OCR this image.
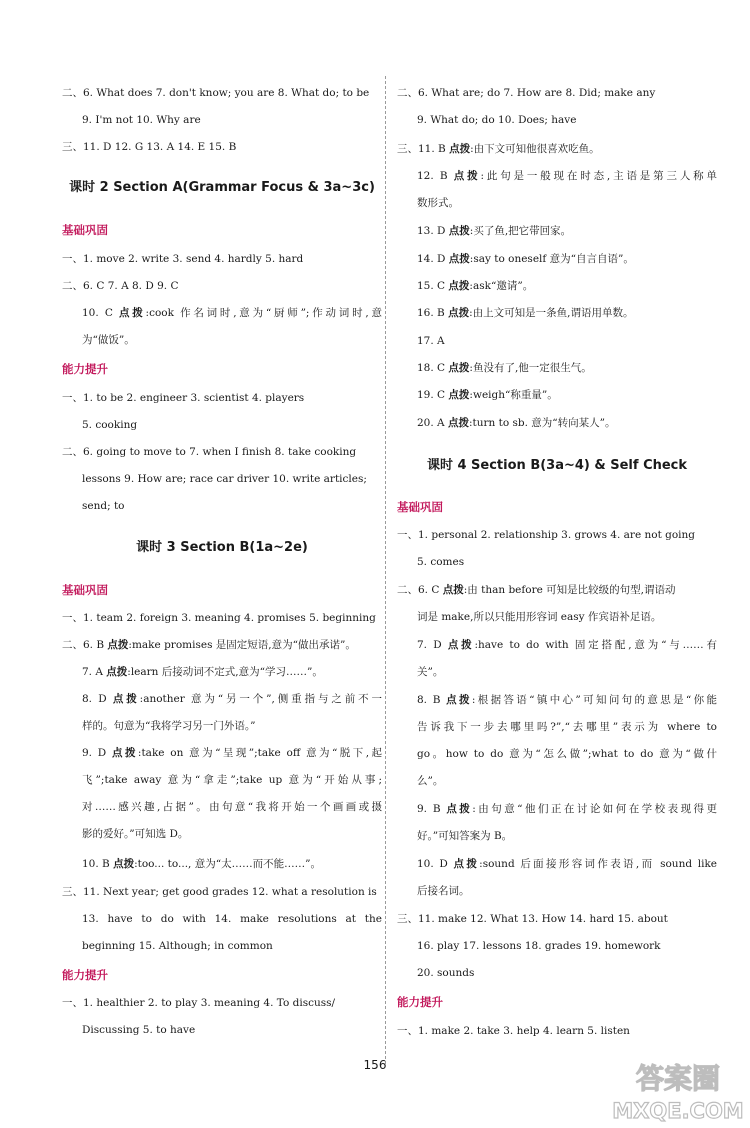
二、6. What does 7. don't know; you are 8. What do; to be
9. I'm not 10. Why are
三、11. D 12. G 13. A 14. E 15. B
课时 2 Section A(Grammar Focus & 3a~3c)
基础巩固
一、1. move 2. write 3. send 4. hardly 5. hard
二、6. C 7. A 8. D 9. C
10. C 点拨:cook 作名词时,意为“厨师”;作动词时,意
为“做饭”。
能力提升
一、1. to be 2. engineer 3. scientist 4. players
5. cooking
二、6. going to move to 7. when I finish 8. take cooking
lessons 9. How are; race car driver 10. write articles;
send; to
课时 3 Section B(1a~2e)
基础巩固
一、1. team 2. foreign 3. meaning 4. promises 5. beginning
二、6. B 点拨:make promises 是固定短语,意为“做出承诺”。
7. A 点拨:learn 后接动词不定式,意为“学习……”。
8. D 点拨:another 意为“另一个”,侧重指与之前不一
样的。句意为“我将学习另一门外语。”
9. D 点拨:take on 意为“呈现”;take off 意为“脱下,起
飞”;take away 意为“拿走”;take up 意为“开始从事;
对……感兴趣,占据”。由句意“我将开始一个画画或摄
影的爱好。”可知选 D。
10. B 点拨:too... to..., 意为“太……而不能……”。
三、11. Next year; get good grades 12. what a resolution is
13. have to do with 14. make resolutions at the
beginning 15. Although; in common
能力提升
一、1. healthier 2. to play 3. meaning 4. To discuss/
Discussing 5. to have
二、6. What are; do 7. How are 8. Did; make any
9. What do; do 10. Does; have
三、11. B 点拨:由下文可知他很喜欢吃鱼。
12. B 点拨:此句是一般现在时态,主语是第三人称单
数形式。
13. D 点拨:买了鱼,把它带回家。
14. D 点拨:say to oneself 意为“自言自语”。
15. C 点拨:ask“邀请”。
16. B 点拨:由上文可知是一条鱼,谓语用单数。
17. A
18. C 点拨:鱼没有了,他一定很生气。
19. C 点拨:weigh“称重量”。
20. A 点拨:turn to sb. 意为“转向某人”。
课时 4 Section B(3a~4) & Self Check
基础巩固
一、1. personal 2. relationship 3. grows 4. are not going
5. comes
二、6. C 点拨:由 than before 可知是比较级的句型,谓语动
词是 make,所以只能用形容词 easy 作宾语补足语。
7. D 点拨:have to do with 固定搭配,意为“与……有
关”。
8. B 点拨:根据答语“镇中心”可知问句的意思是“你能
告诉我下一步去哪里吗?”,“去哪里”表示为 where to
go。how to do 意为“怎么做”;what to do 意为“做什
么”。
9. B 点拨:由句意“他们正在讨论如何在学校表现得更
好。”可知答案为 B。
10. D 点拨:sound 后面接形容词作表语,而 sound like
后接名词。
三、11. make 12. What 13. How 14. hard 15. about
16. play 17. lessons 18. grades 19. homework
20. sounds
能力提升
一、1. make 2. take 3. help 4. learn 5. listen
156	答案圈
MXQE.COM
